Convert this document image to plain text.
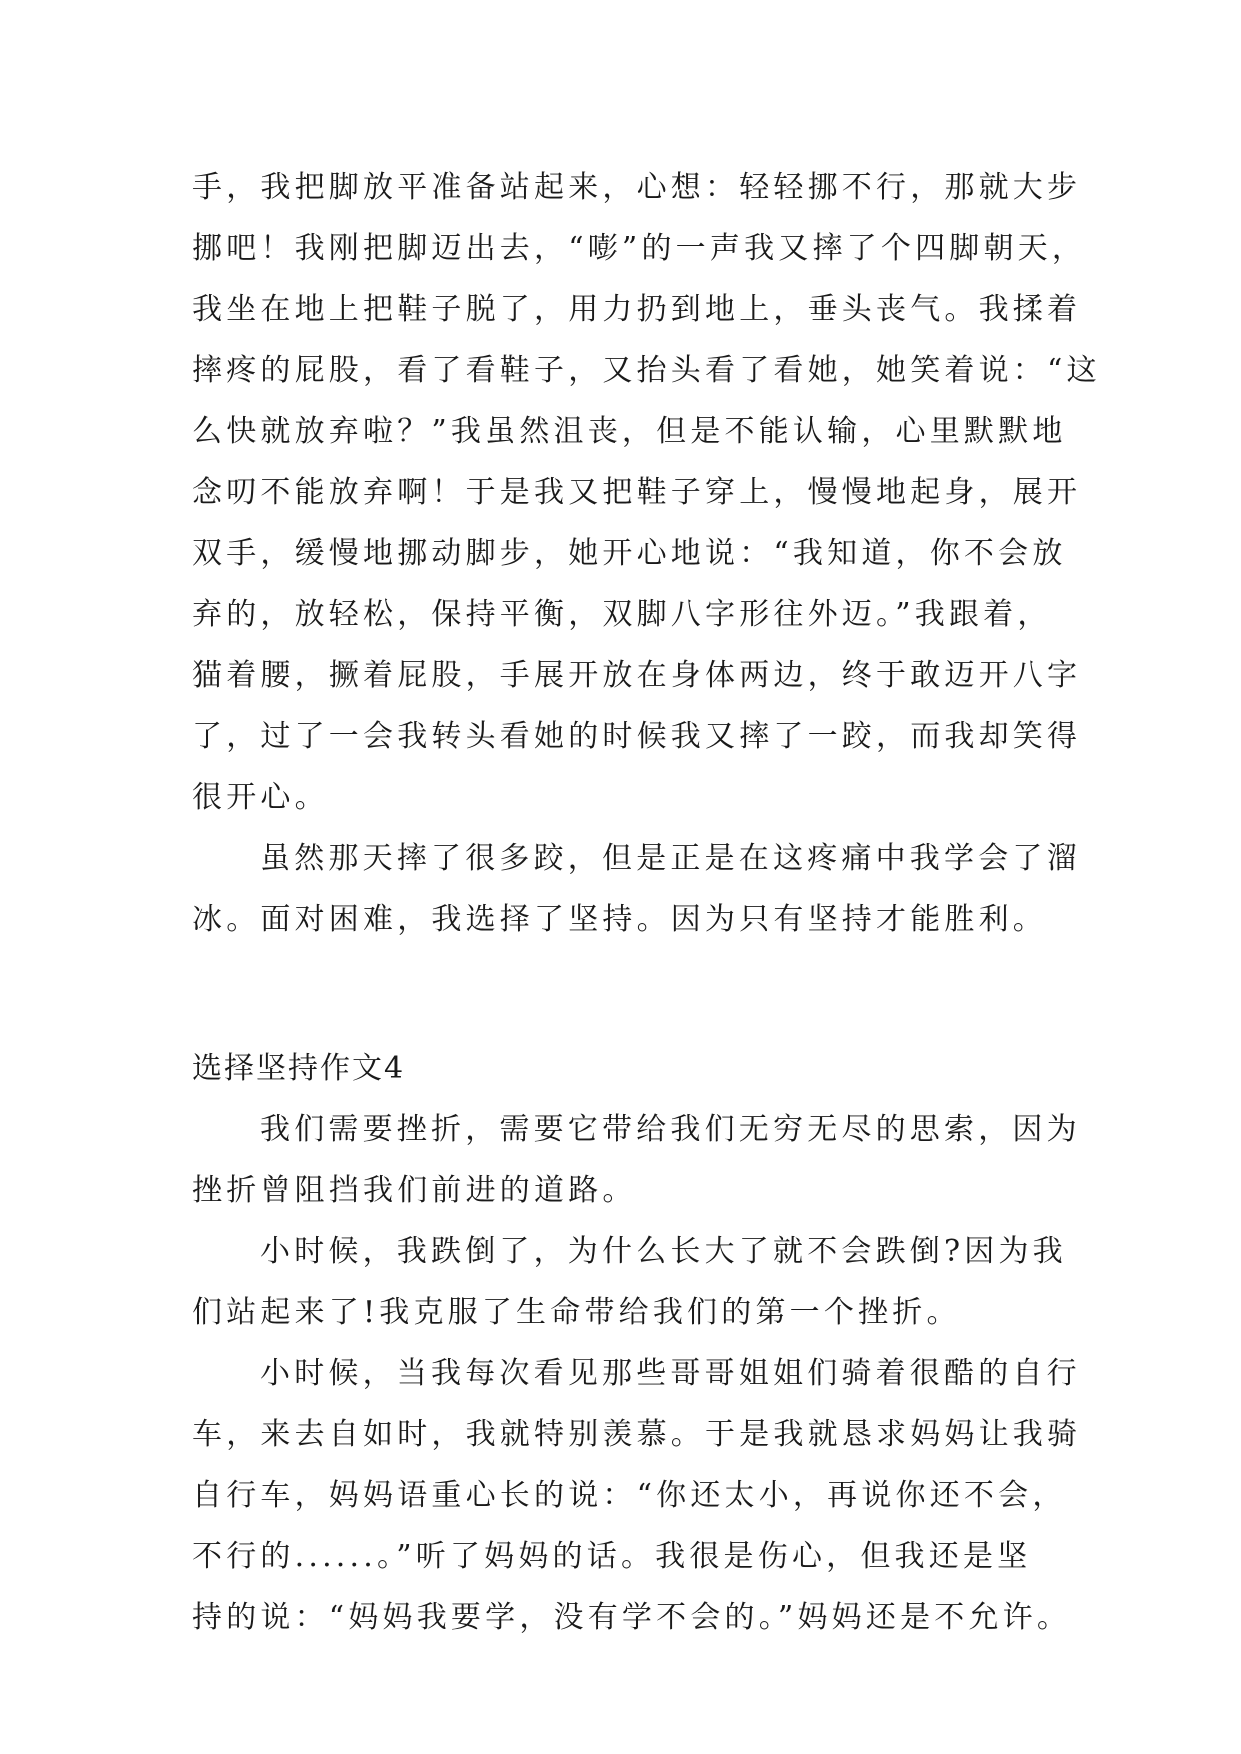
手，我把脚放平准备站起来，心想：轻轻挪不行，那就大步
挪吧！我刚把脚迈出去，“嘭”的一声我又摔了个四脚朝天，
我坐在地上把鞋子脱了，用力扔到地上，垂头丧气。我揉着
摔疼的屁股，看了看鞋子，又抬头看了看她，她笑着说：“这
么快就放弃啦？”我虽然沮丧，但是不能认输，心里默默地
念叨不能放弃啊！于是我又把鞋子穿上，慢慢地起身，展开
双手，缓慢地挪动脚步，她开心地说：“我知道，你不会放
弃的，放轻松，保持平衡，双脚八字形往外迈。”我跟着，
猫着腰，撅着屁股，手展开放在身体两边，终于敢迈开八字
了，过了一会我转头看她的时候我又摔了一跤，而我却笑得
很开心。
虽然那天摔了很多跤，但是正是在这疼痛中我学会了溜
冰。面对困难，我选择了坚持。因为只有坚持才能胜利。
选择坚持作文4
我们需要挫折，需要它带给我们无穷无尽的思索，因为
挫折曾阻挡我们前进的道路。
小时候，我跌倒了，为什么长大了就不会跌倒?因为我
们站起来了!我克服了生命带给我们的第一个挫折。
小时候，当我每次看见那些哥哥姐姐们骑着很酷的自行
车，来去自如时，我就特别羡慕。于是我就恳求妈妈让我骑
自行车，妈妈语重心长的说：“你还太小，再说你还不会，
不行的......。”听了妈妈的话。我很是伤心，但我还是坚
持的说：“妈妈我要学，没有学不会的。”妈妈还是不允许。
